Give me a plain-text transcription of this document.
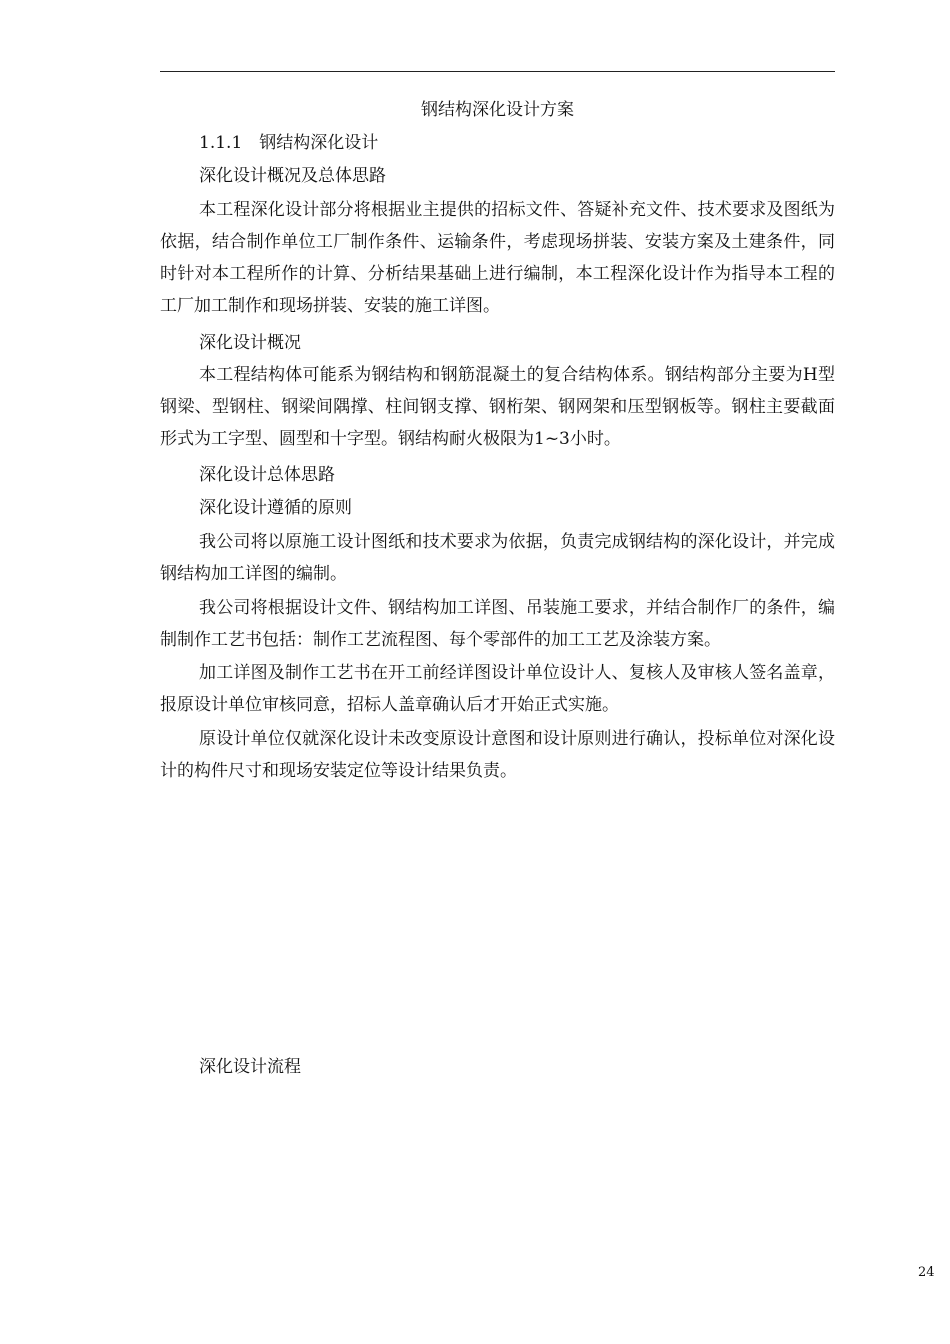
钢结构深化设计方案
1.1.1　钢结构深化设计
深化设计概况及总体思路

本工程深化设计部分将根据业主提供的招标文件、答疑补充文件、技术要求及图纸为依据，结合制作单位工厂制作条件、运输条件，考虑现场拼装、安装方案及土建条件，同时针对本工程所作的计算、分析结果基础上进行编制，本工程深化设计作为指导本工程的工厂加工制作和现场拼装、安装的施工详图。

深化设计概况

本工程结构体可能系为钢结构和钢筋混凝土的复合结构体系。钢结构部分主要为H型钢梁、型钢柱、钢梁间隅撑、柱间钢支撑、钢桁架、钢网架和压型钢板等。钢柱主要截面形式为工字型、圆型和十字型。钢结构耐火极限为1~3小时。

深化设计总体思路
深化设计遵循的原则

我公司将以原施工设计图纸和技术要求为依据，负责完成钢结构的深化设计，并完成钢结构加工详图的编制。

我公司将根据设计文件、钢结构加工详图、吊装施工要求，并结合制作厂的条件，编制制作工艺书包括：制作工艺流程图、每个零部件的加工工艺及涂装方案。

加工详图及制作工艺书在开工前经详图设计单位设计人、复核人及审核人签名盖章，报原设计单位审核同意，招标人盖章确认后才开始正式实施。

原设计单位仅就深化设计未改变原设计意图和设计原则进行确认，投标单位对深化设计的构件尺寸和现场安装定位等设计结果负责。

深化设计流程
24
